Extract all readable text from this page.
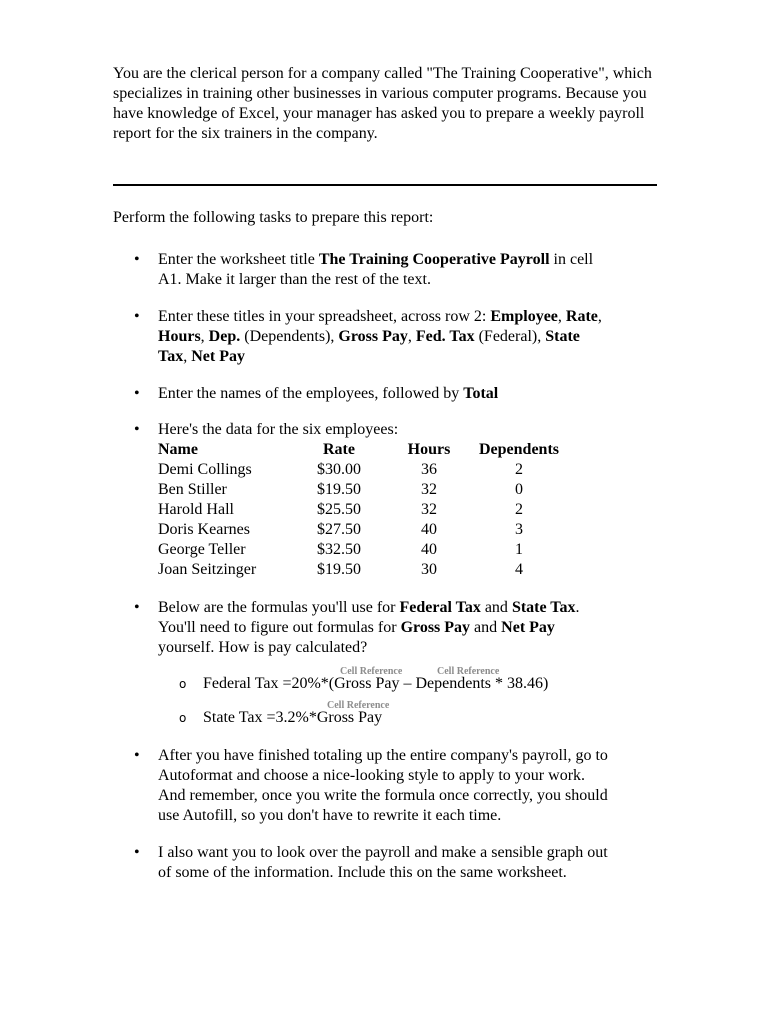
You are the clerical person for a company called "The Training Cooperative", which specializes in training other businesses in various computer programs. Because you have knowledge of Excel, your manager has asked you to prepare a weekly payroll report for the six trainers in the company.

Perform the following tasks to prepare this report:

• Enter the worksheet title The Training Cooperative Payroll in cell
A1. Make it larger than the rest of the text.
• Enter these titles in your spreadsheet, across row 2: Employee, Rate,
Hours, Dep. (Dependents), Gross Pay, Fed. Tax (Federal), State
Tax, Net Pay
• Enter the names of the employees, followed by Total
• Here's the data for the six employees:
Name
Demi Collings
Ben Stiller
Harold Hall
Doris Kearnes
George Teller
Joan Seitzinger
Rate
$30.00
$19.50
$25.50
$27.50
$32.50
$19.50
Hours
36
32
32
40
40
30
Dependents
2
0
2
3
1
4
• Below are the formulas you'll use for Federal Tax and State Tax.
You'll need to figure out formulas for Gross Pay and Net Pay
yourself. How is pay calculated?
Cell Reference	Cell Reference
Cell Reference
o Federal Tax =20%*(Gross Pay – Dependents * 38.46)
o State Tax =3.2%*Gross Pay
• After you have finished totaling up the entire company's payroll, go to
Autoformat and choose a nice-looking style to apply to your work.
And remember, once you write the formula once correctly, you should
use Autofill, so you don't have to rewrite it each time.
• I also want you to look over the payroll and make a sensible graph out
of some of the information. Include this on the same worksheet.
